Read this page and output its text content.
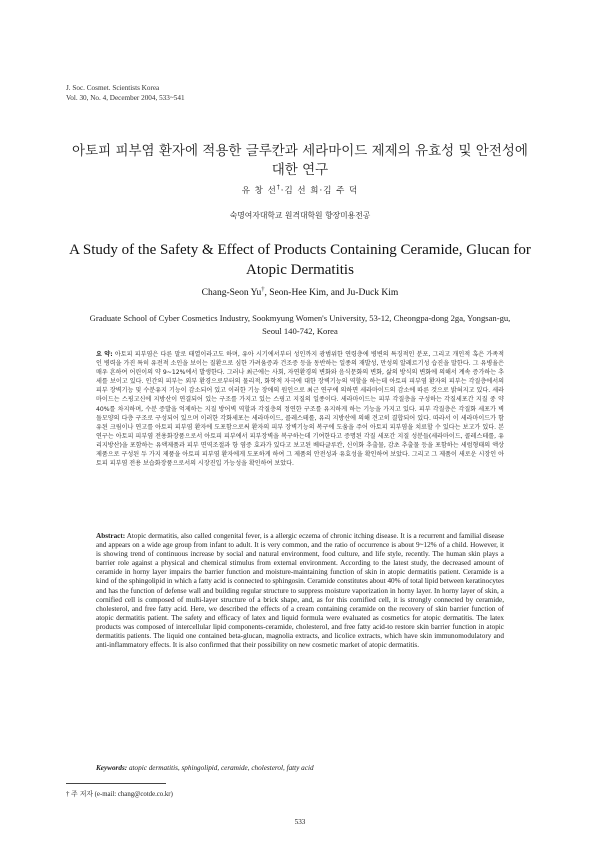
J. Soc. Cosmet. Scientists Korea
Vol. 30, No. 4, December 2004, 533~541
아토피 피부염 환자에 적용한 글루칸과 세라마이드 제제의 유효성 및 안전성에 대한 연구
유 창 선†·김 선 희·김 주 덕
숙명여자대학교 원격대학원 향장미용전공
A Study of the Safety & Effect of Products Containing Ceramide, Glucan for Atopic Dermatitis
Chang-Seon Yu†, Seon-Hee Kim, and Ju-Duck Kim
Graduate School of Cyber Cosmetics Industry, Sookmyung Women's University, 53-12, Cheongpa-dong 2ga, Yongsan-gu, Seoul 140-742, Korea
요 약: 아토피 피부염은 다른 말로 태열이라고도 하며, 유아 시기에서부터 성인까지 광범위한 연령층에 병변의 특징적인 분포, 그리고 개인적 혹은 가족적인 병력을 가진 특히 유전적 소인을 보이는 질환으로 심한 가려움증과 건조증 등을 동반하는 일종의 재발성, 만성의 알레르기성 습진을 말한다. 그 유병율은 매우 흔하여 어린이의 약 9~12%에서 발생한다. 그러나 최근에는 사회, 자연환경의 변화와 음식문화의 변화, 삶의 방식의 변화에 의해서 계속 증가하는 추세를 보이고 있다. 인간의 피부는 외부 환경으로부터의 물리적, 화학적 자극에 대한 장벽기능의 역할을 하는데 아토피 피부염 환자의 피부는 각질층에서의 피부 장벽기능 및 수분유지 기능이 감소되어 있고 이러한 기능 장애의 원인으로 최근 연구에 의하면 세라마이드의 감소에 따른 것으로 밝혀지고 있다. 세라마이드는 스핑고신에 지방산이 연결되어 있는 구조를 가지고 있는 스핑고 지질의 일종이다. 세라마이드는 피부 각질층을 구성하는 각질세포간 지질 중 약 40%를 차지하며, 수분 증발을 억제하는 지질 방어벽 역할과 각질층의 정연한 구조를 유지하게 하는 기능을 가지고 있다. 피부 각질층은 각질화 세포가 벽돌모양의 다층 구조로 구성되어 있으며 이러한 각화세포는 세라마이드, 콜레스테롤, 유리 지방산에 의해 견고히 결합되어 있다. 따라서 이 세라마이드가 함유된 크림이나 연고를 아토피 피부염 환자에 도포함으로써 환자의 피부 장벽기능의 복구에 도움을 주어 아토피 피부염을 치료할 수 있다는 보고가 있다. 본 연구는 아토피 피부염 전용화장품으로서 아토피 피부에서 피부장벽을 복구하는데 기여한다고 증명된 각질 세포간 지질 성분들(세라마이드, 콜레스테롤, 유리지방산)을 포함하는 유액제품과 피부 면역조절과 항 염증 효과가 있다고 보고된 베타글루칸, 신이화 추출물, 감초 추출물 등을 포함하는 세럼형태의 액상제품으로 구성된 두 가지 제품을 아토피 피부염 환자에게 도포하게 하여 그 제품의 안전성과 유효성을 확인하여 보았다. 그리고 그 제품이 새로운 시장인 아토피 피부염 전용 보습화장품으로서의 시장진입 가능성을 확인하여 보았다.
Abstract: Atopic dermatitis, also called congenital fever, is a allergic eczema of chronic itching disease. It is a recurrent and familial disease and appears on a wide age group from infant to adult. It is very common, and the ratio of occurrence is about 9~12% of a child. However, it is showing trend of continuous increase by social and natural environment, food culture, and life style, recently. The human skin plays a barrier role against a physical and chemical stimulus from external environment. According to the latest study, the decreased amount of ceramide in horny layer impairs the barrier function and moisture-maintaining function of skin in atopic dermatitis patient. Ceramide is a kind of the sphingolipid in which a fatty acid is connected to sphingosin. Ceramide constitutes about 40% of total lipid between keratinocytes and has the function of defense wall and building regular structure to suppress moisture vaporization in horny layer. In horny layer of skin, a cornified cell is composed of multi-layer structure of a brick shape, and, as for this cornified cell, it is strongly connected by ceramide, cholesterol, and free fatty acid. Here, we described the effects of a cream containing ceramide on the recovery of skin barrier function of atopic dermatitis patient. The safety and efficacy of latex and liquid formula were evaluated as cosmetics for atopic dermatitis. The latex products was composed of intercellular lipid components-ceramide, cholesterol, and free fatty acid-to restore skin barrier function in atopic dermatitis patients. The liquid one contained beta-glucan, magnolia extracts, and licolice extracts, which have skin immunomodulatory and anti-inflammatory effects. It is also confirmed that their possibility on new cosmetic market of atopic dermatitis.
Keywords: atopic dermatitis, sphingolipid, ceramide, cholesterol, fatty acid
† 주 저자 (e-mail: chang@cotde.co.kr)
533
